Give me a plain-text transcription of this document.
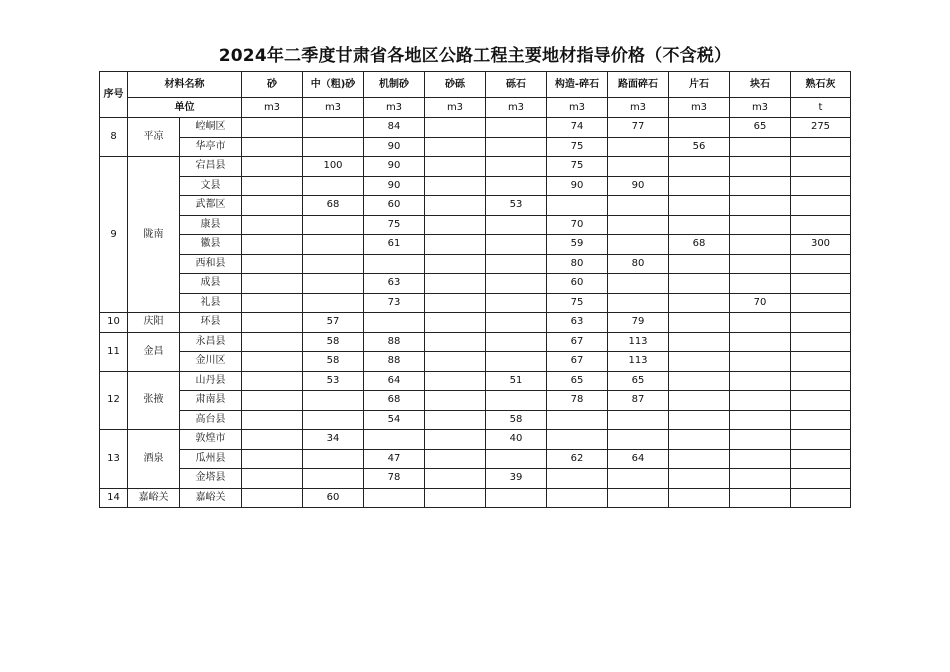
2024年二季度甘肃省各地区公路工程主要地材指导价格（不含税）
序号	材料名称		砂	中（粗)砂	机制砂	砂砾	砾石	构造-碎石	路面碎石	片石	块石	熟石灰
	单位		m3	m3	m3	m3	m3	m3	m3	m3	m3	t
8	平凉	崆峒区			84			74	77		65	275
		华亭市			90			75		56		
9	陇南	宕昌县		100	90			75				
		文县			90			90	90			
		武都区		68	60		53					
		康县			75			70				
		徽县			61			59		68		300
		西和县						80	80			
		成县			63			60				
		礼县			73			75			70	
10	庆阳	环县		57				63	79			
11	金昌	永昌县		58	88			67	113			
		金川区		58	88			67	113			
12	张掖	山丹县		53	64		51	65	65			
		肃南县			68			78	87			
		高台县			54		58					
13	酒泉	敦煌市		34			40					
		瓜州县			47			62	64			
		金塔县			78		39					
14	嘉峪关	嘉峪关		60								
